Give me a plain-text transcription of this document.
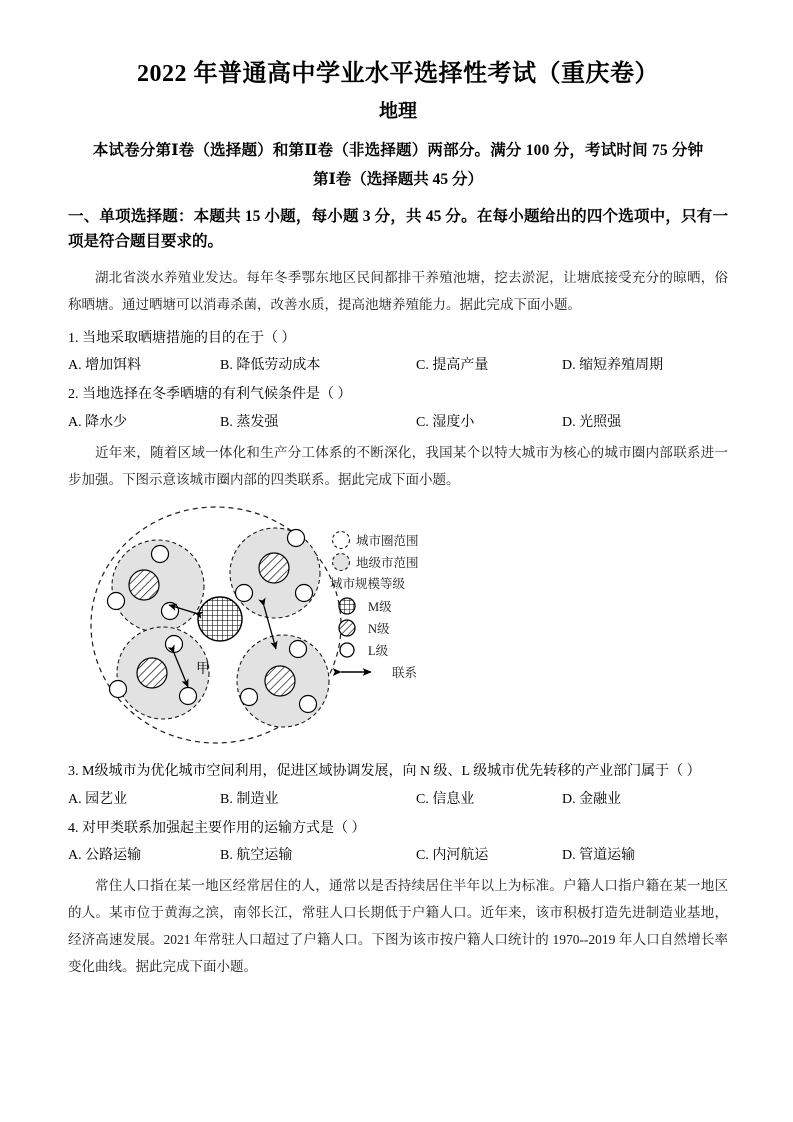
2022 年普通高中学业水平选择性考试（重庆卷）
地理
本试卷分第Ⅰ卷（选择题）和第Ⅱ卷（非选择题）两部分。满分 100 分，考试时间 75 分钟
第Ⅰ卷（选择题共 45 分）
一、单项选择题：本题共 15 小题，每小题 3 分，共 45 分。在每小题给出的四个选项中，只有一项是符合题目要求的。
湖北省淡水养殖业发达。每年冬季鄂东地区民间都排干养殖池塘，挖去淤泥，让塘底接受充分的晾晒，俗称晒塘。通过晒塘可以消毒杀菌，改善水质，提高池塘养殖能力。据此完成下面小题。
1. 当地采取晒塘措施的目的在于（ ）
A. 增加饵料	B. 降低劳动成本	C. 提高产量	D. 缩短养殖周期
2. 当地选择在冬季晒塘的有利气候条件是（ ）
A. 降水少	B. 蒸发强	C. 湿度小	D. 光照强
近年来，随着区域一体化和生产分工体系的不断深化，我国某个以特大城市为核心的城市圈内部联系进一步加强。下图示意该城市圈内部的四类联系。据此完成下面小题。
甲
城市圈范围
地级市范围
城市规模等级
M级
N级
L级
联系
3. M级城市为优化城市空间利用，促进区域协调发展，向 N 级、L 级城市优先转移的产业部门属于（ ）
A. 园艺业	B. 制造业	C. 信息业	D. 金融业
4. 对甲类联系加强起主要作用的运输方式是（ ）
A. 公路运输	B. 航空运输	C. 内河航运	D. 管道运输
常住人口指在某一地区经常居住的人，通常以是否持续居住半年以上为标准。户籍人口指户籍在某一地区的人。某市位于黄海之滨，南邻长江，常驻人口长期低于户籍人口。近年来，该市积极打造先进制造业基地，经济高速发展。2021 年常驻人口超过了户籍人口。下图为该市按户籍人口统计的 1970--2019 年人口自然增长率变化曲线。据此完成下面小题。
